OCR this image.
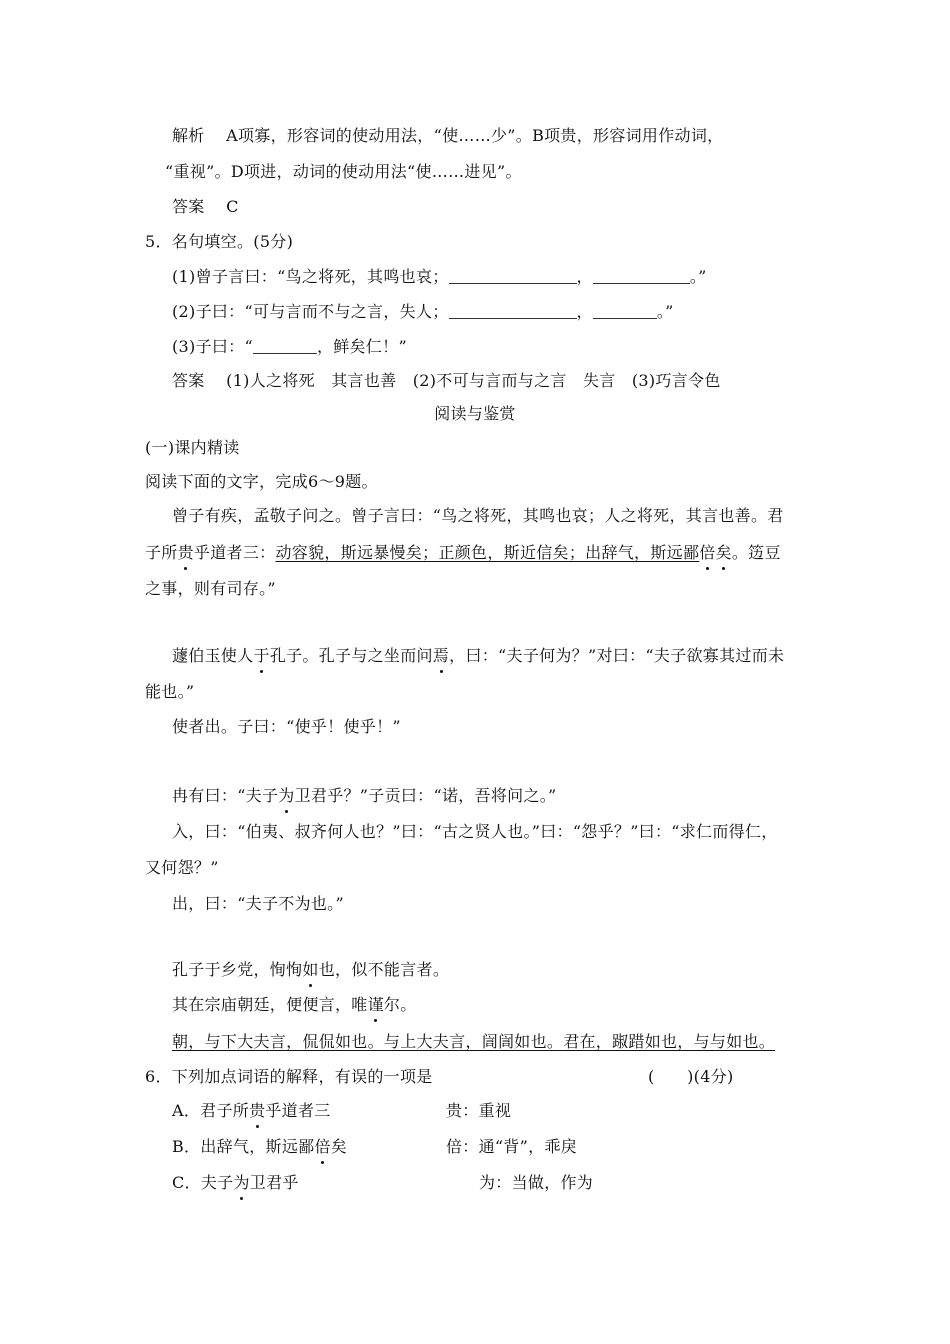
解析 A项寡，形容词的使动用法，“使……少”。B项贵，形容词用作动词，
“重视”。D项进，动词的使动用法“使……进见”。
答案 C
5．名句填空。(5分)
(1)曾子言曰：“鸟之将死，其鸣也哀；	，	。”
(2)子曰：“可与言而不与之言，失人；	，	。”
(3)子曰：“	，鲜矣仁！”
答案 (1)人之将死　其言也善　(2)不可与言而与之言　失言　(3)巧言令色
阅读与鉴赏
(一)课内精读
阅读下面的文字，完成6～9题。
曾子有疾，孟敬子问之。曾子言曰：“鸟之将死，其鸣也哀；人之将死，其言也善。君
子所贵乎道者三：动容貌，斯远暴慢矣；正颜色，斯近信矣；出辞气，斯远鄙倍矣。笾豆
之事，则有司存。”
蘧伯玉使人于孔子。孔子与之坐而问焉，曰：“夫子何为？”对曰：“夫子欲寡其过而未
能也。”
使者出。子曰：“使乎！使乎！”
冉有曰：“夫子为卫君乎？”子贡曰：“诺，吾将问之。”
入，曰：“伯夷、叔齐何人也？”曰：“古之贤人也。”曰：“怨乎？”曰：“求仁而得仁，
又何怨？”
出，曰：“夫子不为也。”
孔子于乡党，恂恂如也，似不能言者。
其在宗庙朝廷，便便言，唯谨尔。
朝，与下大夫言，侃侃如也。与上大夫言，訚訚如也。君在，踧踖如也，与与如也。
6．下列加点词语的解释，有误的一项是	(　　)(4分)
A．君子所贵乎道者三	贵：重视
B．出辞气，斯远鄙倍矣	倍：通“背”，乖戾
C．夫子为卫君乎	为：当做，作为
